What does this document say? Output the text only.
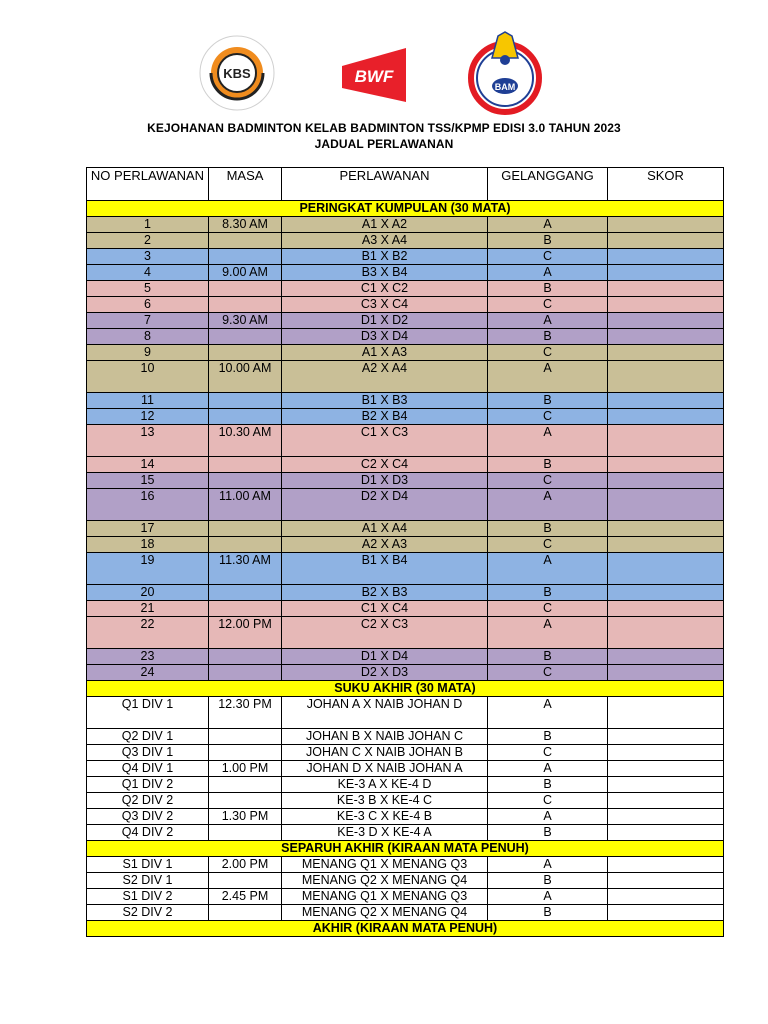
KBS	BWF
BAM
KEJOHANAN BADMINTON KELAB BADMINTON TSS/KPMP EDISI 3.0 TAHUN 2023
JADUAL PERLAWANAN
NO PERLAWANAN	MASA	PERLAWANAN	GELANGGANG	SKOR
PERINGKAT KUMPULAN (30 MATA)				
1	8.30 AM	A1 X A2	A	
2		A3 X A4	B	
3		B1 X B2	C	
4	9.00 AM	B3 X B4	A	
5		C1 X C2	B	
6		C3 X C4	C	
7	9.30 AM	D1 X D2	A	
8		D3 X D4	B	
9		A1 X A3	C	
10	10.00 AM	A2 X A4	A	
11		B1 X B3	B	
12		B2 X B4	C	
13	10.30 AM	C1 X C3	A	
14		C2 X C4	B	
15		D1 X D3	C	
16	11.00 AM	D2 X D4	A	
17		A1 X A4	B	
18		A2 X A3	C	
19	11.30 AM	B1 X B4	A	
20		B2 X B3	B	
21		C1 X C4	C	
22	12.00 PM	C2 X C3	A	
23		D1 X D4	B	
24		D2 X D3	C	
SUKU AKHIR (30 MATA)				
Q1 DIV 1	12.30 PM	JOHAN A X NAIB JOHAN D	A	
Q2 DIV 1		JOHAN B X NAIB JOHAN C	B	
Q3 DIV 1		JOHAN C X NAIB JOHAN B	C	
Q4 DIV 1	1.00 PM	JOHAN D X NAIB JOHAN A	A	
Q1 DIV 2		KE-3 A X KE-4 D	B	
Q2 DIV 2		KE-3 B X KE-4 C	C	
Q3 DIV 2	1.30 PM	KE-3 C X KE-4 B	A	
Q4 DIV 2		KE-3 D X KE-4 A	B	
SEPARUH AKHIR (KIRAAN MATA PENUH)				
S1 DIV 1	2.00 PM	MENANG Q1 X MENANG Q3	A	
S2 DIV 1		MENANG Q2 X MENANG Q4	B	
S1 DIV 2	2.45 PM	MENANG Q1 X MENANG Q3	A	
S2 DIV 2		MENANG Q2 X MENANG Q4	B	
AKHIR (KIRAAN MATA PENUH)				
